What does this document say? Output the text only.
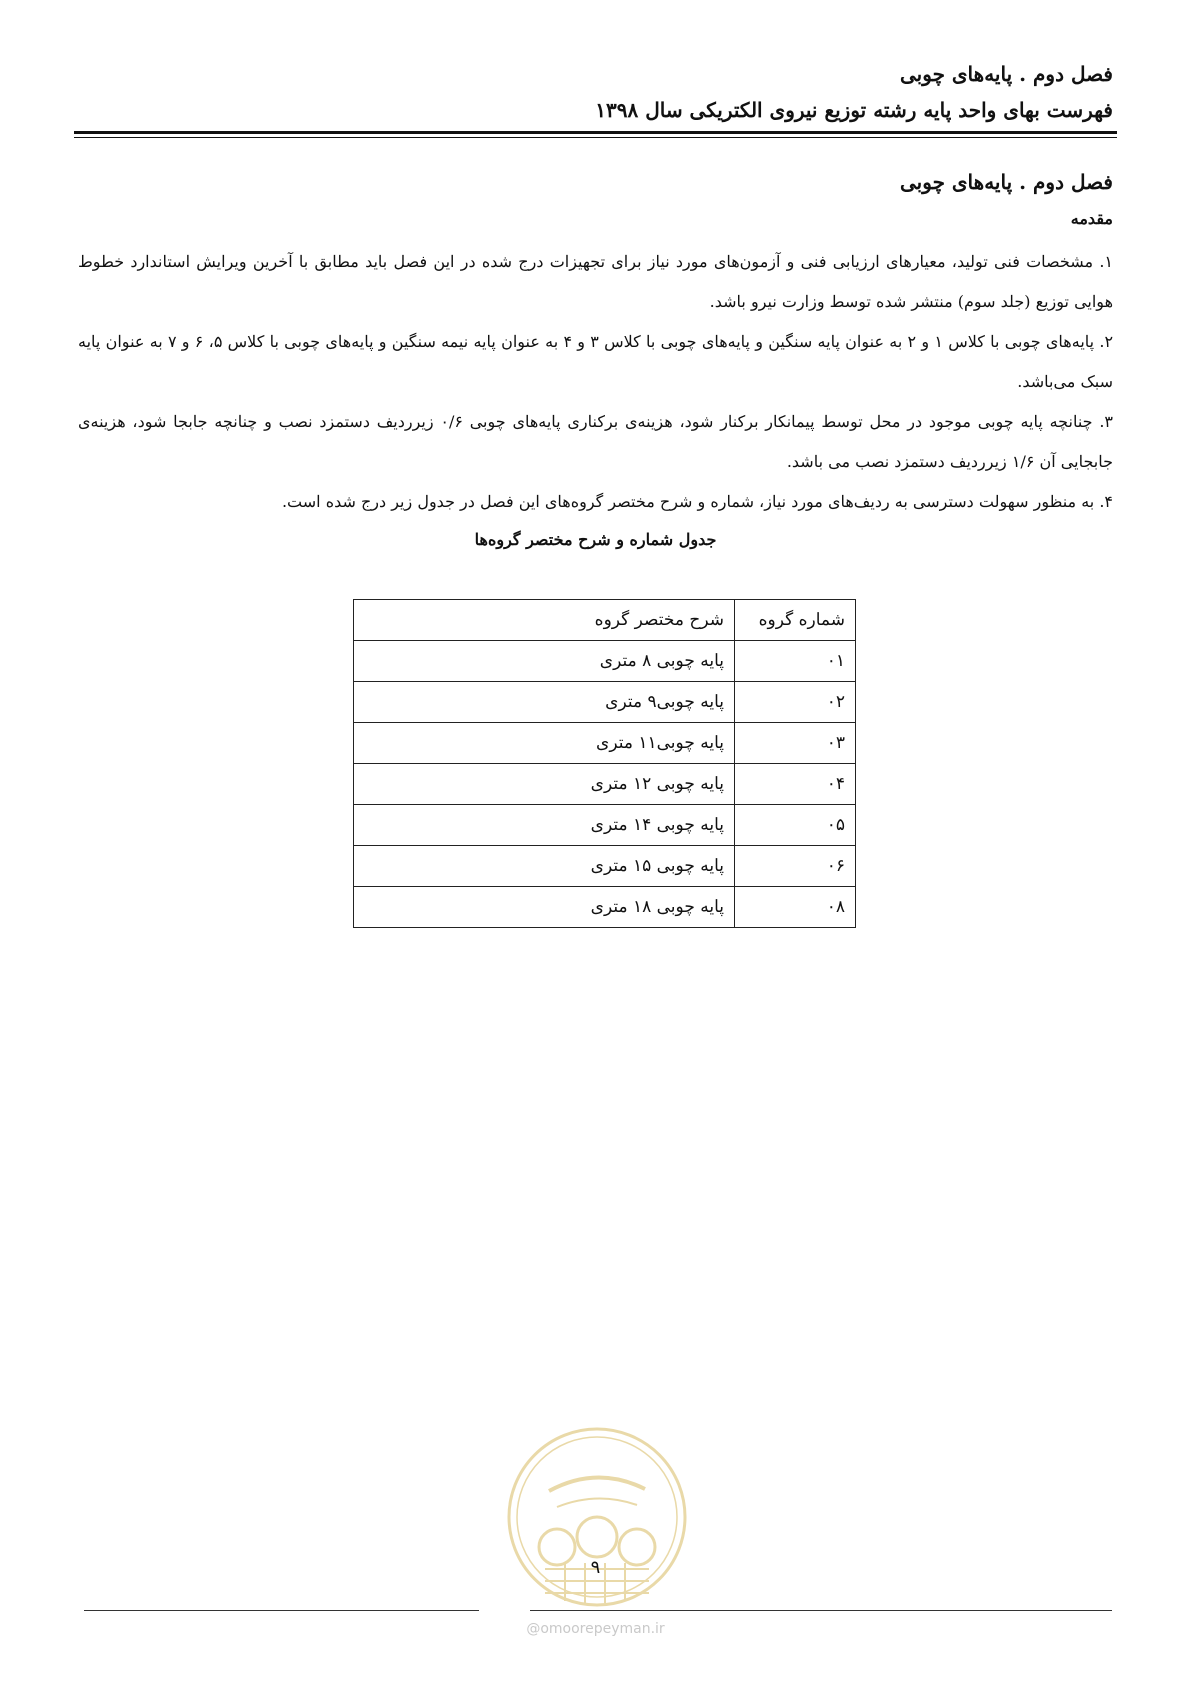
فصل دوم . پایه‌های چوبی
فهرست بهای واحد پایه رشته توزیع نیروی الکتریکی سال ۱۳۹۸
فصل دوم . پایه‌های چوبی
مقدمه
۱. مشخصات فنی تولید، معیارهای ارزیابی فنی و آزمون‌های مورد نیاز برای تجهیزات درج شده در این فصل باید مطابق با آخرین ویرایش استاندارد خطوط هوایی توزیع (جلد سوم) منتشر شده توسط وزارت نیرو باشد.
۲. پایه‌های چوبی با کلاس ۱ و ۲ به عنوان پایه سنگین و پایه‌های چوبی با کلاس ۳ و ۴ به عنوان پایه نیمه سنگین و پایه‌های چوبی با کلاس ۵، ۶ و ۷ به عنوان پایه سبک می‌باشد.
۳. چنانچه پایه چوبی موجود در محل توسط پیمانکار برکنار شود، هزینه‌ی برکناری پایه‌های چوبی ۰/۶ زیرردیف دستمزد نصب و چنانچه جابجا شود، هزینه‌ی جابجایی آن ۱/۶ زیرردیف دستمزد نصب می باشد.
۴. به منظور سهولت دسترسی به ردیف‌های مورد نیاز، شماره و شرح مختصر گروه‌های این فصل در جدول زیر درج شده است.
جدول شماره و شرح مختصر گروه‌ها
شماره گروه	شرح مختصر گروه
۰۱	پایه چوبی ۸ متری
۰۲	پایه چوبی۹ متری
۰۳	پایه چوبی۱۱ متری
۰۴	پایه چوبی ۱۲ متری
۰۵	پایه چوبی ۱۴ متری
۰۶	پایه چوبی ۱۵ متری
۰۸	پایه چوبی ۱۸ متری
۹
@omoorepeyman.ir
